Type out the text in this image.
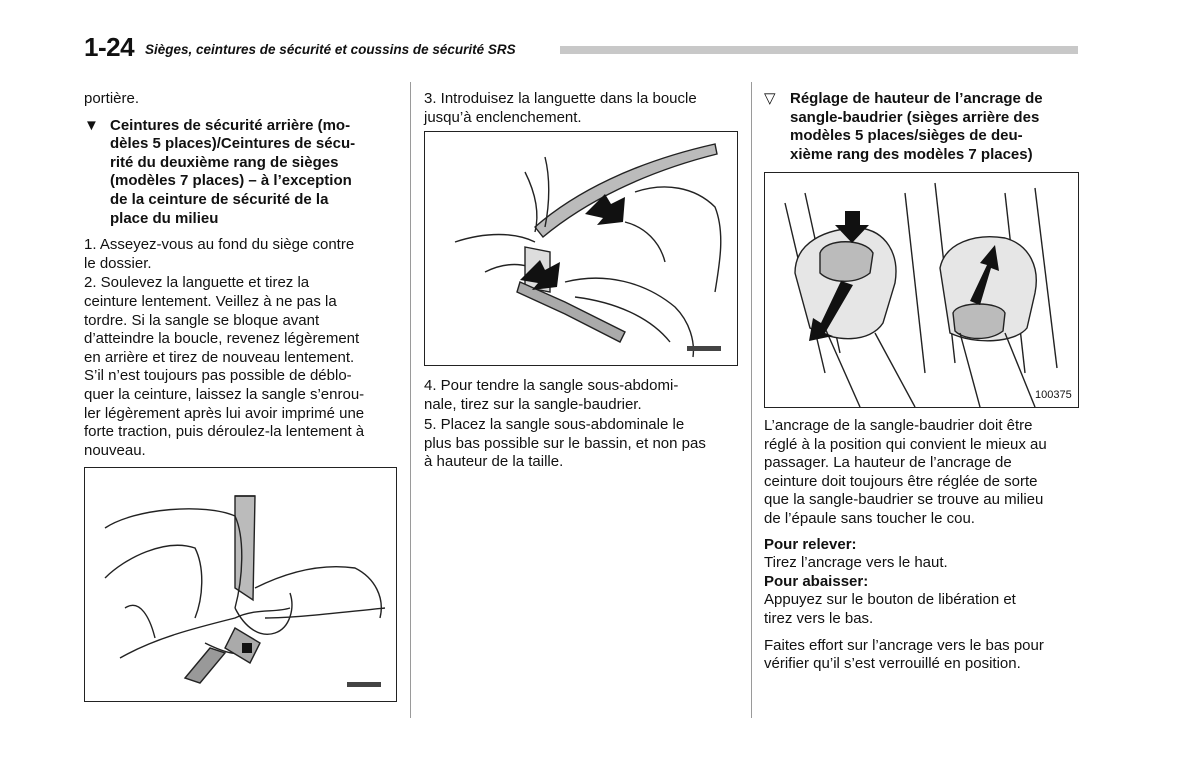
1-24 Sièges, ceintures de sécurité et coussins de sécurité SRS

portière.

▼ Ceintures de sécurité arrière (mo-
dèles 5 places)/Ceintures de sécu-
rité du deuxième rang de sièges
(modèles 7 places) – à l’exception
de la ceinture de sécurité de la
place du milieu
1. Asseyez-vous au fond du siège contre
le dossier.
2. Soulevez la languette et tirez la
ceinture lentement. Veillez à ne pas la
tordre. Si la sangle se bloque avant
d’atteindre la boucle, revenez légèrement
en arrière et tirez de nouveau lentement.
S’il n’est toujours pas possible de déblo-
quer la ceinture, laissez la sangle s’enrou-
ler légèrement après lui avoir imprimé une
forte traction, puis déroulez-la lentement à
nouveau.
3. Introduisez la languette dans la boucle
jusqu’à enclenchement.
4. Pour tendre la sangle sous-abdomi-
nale, tirez sur la sangle-baudrier.
5. Placez la sangle sous-abdominale le
plus bas possible sur le bassin, et non pas
à hauteur de la taille.
▽ Réglage de hauteur de l’ancrage de
sangle-baudrier (sièges arrière des
modèles 5 places/sièges de deu-
xième rang des modèles 7 places)
100375
L’ancrage de la sangle-baudrier doit être
réglé à la position qui convient le mieux au
passager. La hauteur de l’ancrage de
ceinture doit toujours être réglée de sorte
que la sangle-baudrier se trouve au milieu
de l’épaule sans toucher le cou.
Pour relever:
Tirez l’ancrage vers le haut.
Pour abaisser:
Appuyez sur le bouton de libération et
tirez vers le bas.
Faites effort sur l’ancrage vers le bas pour
vérifier qu’il s’est verrouillé en position.
